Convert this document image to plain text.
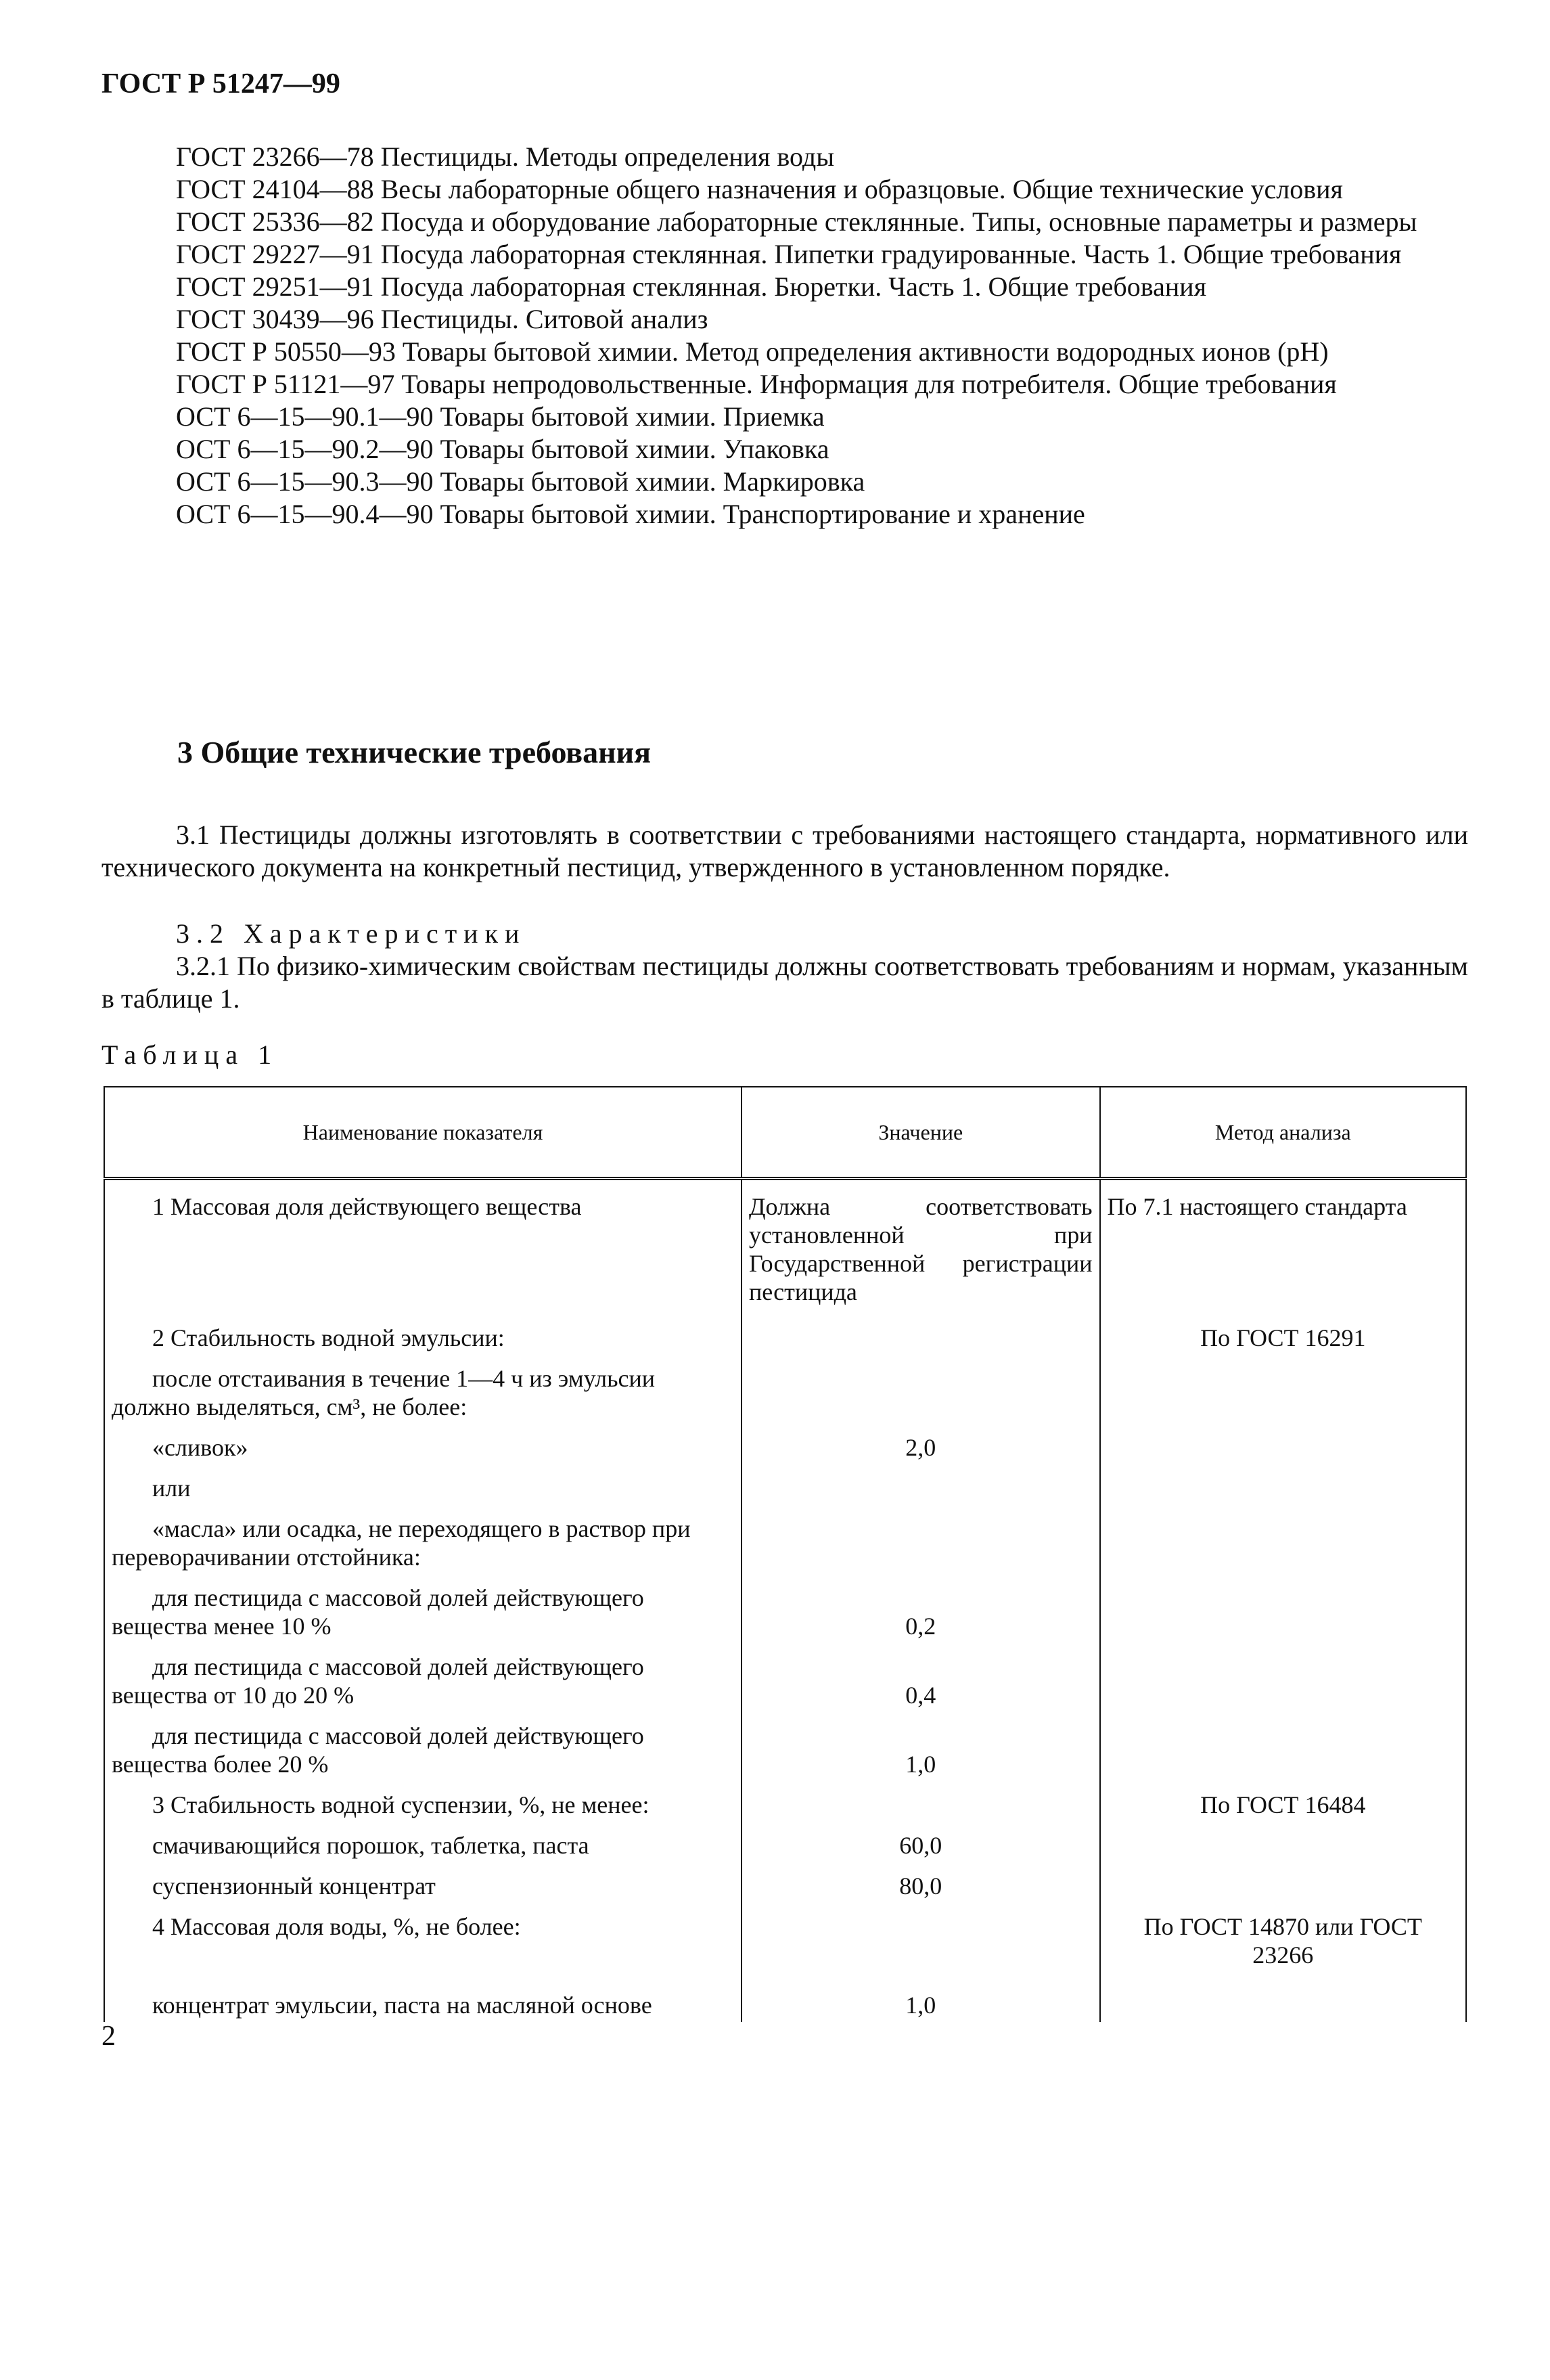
ГОСТ Р 51247—99
ГОСТ 23266—78 Пестициды. Методы определения воды
ГОСТ 24104—88 Весы лабораторные общего назначения и образцовые. Общие технические условия
ГОСТ 25336—82 Посуда и оборудование лабораторные стеклянные. Типы, основные параметры и размеры
ГОСТ 29227—91 Посуда лабораторная стеклянная. Пипетки градуированные. Часть 1. Общие требования
ГОСТ 29251—91 Посуда лабораторная стеклянная. Бюретки. Часть 1. Общие требования
ГОСТ 30439—96 Пестициды. Ситовой анализ
ГОСТ Р 50550—93 Товары бытовой химии. Метод определения активности водородных ионов (pH)
ГОСТ Р 51121—97 Товары непродовольственные. Информация для потребителя. Общие требования
ОСТ 6—15—90.1—90 Товары бытовой химии. Приемка
ОСТ 6—15—90.2—90 Товары бытовой химии. Упаковка
ОСТ 6—15—90.3—90 Товары бытовой химии. Маркировка
ОСТ 6—15—90.4—90 Товары бытовой химии. Транспортирование и хранение
3 Общие технические требования
3.1 Пестициды должны изготовлять в соответствии с требованиями настоящего стандарта, нормативного или технического документа на конкретный пестицид, утвержденного в установленном порядке.
3.2 Характеристики
3.2.1 По физико-химическим свойствам пестициды должны соответствовать требованиям и нормам, указанным в таблице 1.
Таблица 1
Наименование показателя	Значение	Метод анализа
1 Массовая доля действующего вещества	Должна соответствовать установленной при Государственной регистрации пестицида	По 7.1 настоящего стандарта
2 Стабильность водной эмульсии:		По ГОСТ 16291
после отстаивания в течение 1—4 ч из эмульсии должно выделяться, см³, не более:		
«сливок»	2,0	
или		
«масла» или осадка, не переходящего в раствор при переворачивании отстойника:		
для пестицида с массовой долей действующего вещества менее 10 %	0,2	
для пестицида с массовой долей действующего вещества от 10 до 20 %	0,4	
для пестицида с массовой долей действующего вещества более 20 %	1,0	
3 Стабильность водной суспензии, %, не менее:		По ГОСТ 16484
смачивающийся порошок, таблетка, паста	60,0	
суспензионный концентрат	80,0	
4 Массовая доля воды, %, не более:		По ГОСТ 14870 или ГОСТ 23266
концентрат эмульсии, паста на масляной основе	1,0	
2
